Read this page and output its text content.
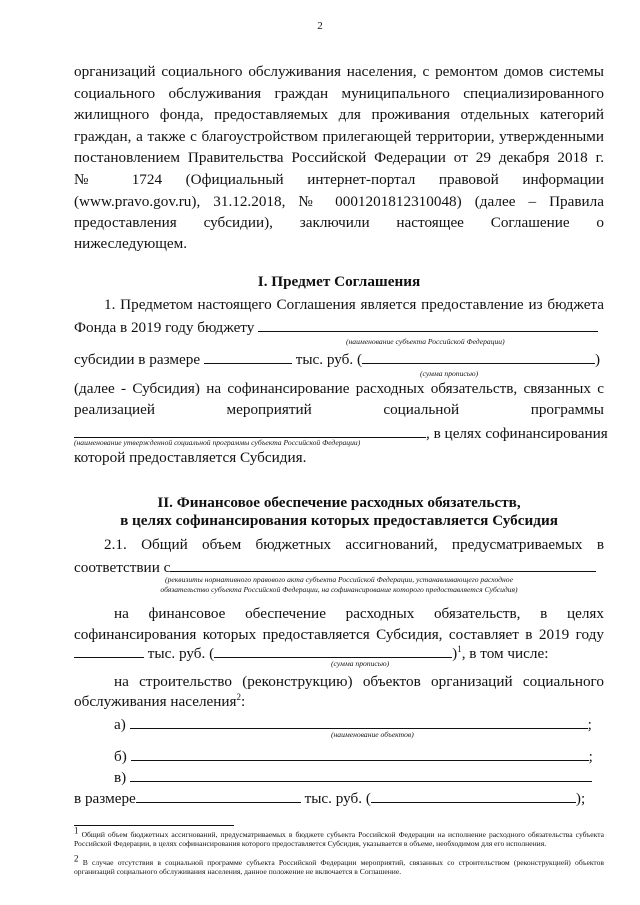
2
организаций социального обслуживания населения, с ремонтом домов системы
социального обслуживания граждан муниципального специализированного
жилищного фонда, предоставляемых для проживания отдельных категорий
граждан, а также с благоустройством прилегающей территории, утвержденными
постановлением Правительства Российской Федерации от 29 декабря 2018 г.
№ 1724 (Официальный интернет-портал правовой информации
(www.pravo.gov.ru), 31.12.2018, № 0001201812310048) (далее – Правила
предоставления субсидии), заключили настоящее Соглашение о
нижеследующем.
I. Предмет Соглашения
1. Предметом настоящего Соглашения является предоставление из бюджета
Фонда в 2019 году бюджету
(наименование субъекта Российской Федерации)
субсидии в размере	тыс. руб. (	)
(сумма прописью)
(далее - Субсидия) на софинансирование расходных обязательств, связанных с
реализацией мероприятий социальной программы
, в целях софинансирования
(наименование утвержденной социальной программы субъекта Российской Федерации)
которой предоставляется Субсидия.
II. Финансовое обеспечение расходных обязательств,
в целях софинансирования которых предоставляется Субсидия
2.1. Общий объем бюджетных ассигнований, предусматриваемых в
соответствии с
(реквизиты нормативного правового акта субъекта Российской Федерации, устанавливающего расходное
обязательство субъекта Российской Федерации, на софинансирование которого предоставляется Субсидия)
на финансовое обеспечение расходных обязательств, в целях
софинансирования которых предоставляется Субсидия, составляет в 2019 году
тыс. руб. (	)$^1$, в том числе:
(сумма прописью)
на строительство (реконструкцию) объектов организаций социального
обслуживания населения$^2$:
а)	;
(наименование объектов)
б)	;
в)
в размере	тыс. руб. (	);
$^1$ Общий объем бюджетных ассигнований, предусматриваемых в бюджете субъекта Российской Федерации на исполнение расходного обязательства субъекта Российской Федерации, в целях софинансирования которого предоставляется Субсидия, указывается в объеме, необходимом для его исполнения.
$^2$ В случае отсутствия в социальной программе субъекта Российской Федерации мероприятий, связанных со строительством (реконструкцией) объектов организаций социального обслуживания населения, данное положение не включается в Соглашение.
